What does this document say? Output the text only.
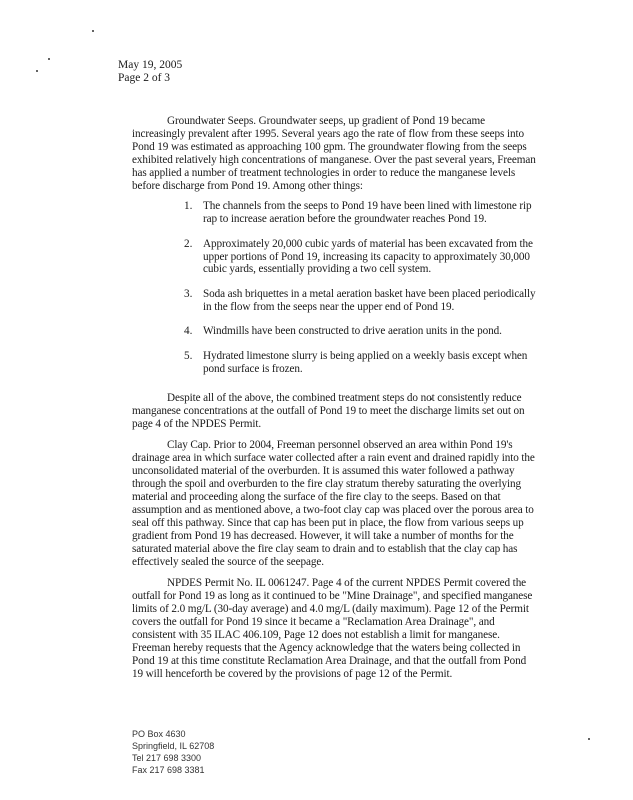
May 19, 2005
Page 2 of 3
Groundwater Seeps. Groundwater seeps, up gradient of Pond 19 became
increasingly prevalent after 1995. Several years ago the rate of flow from these seeps into
Pond 19 was estimated as approaching 100 gpm. The groundwater flowing from the seeps
exhibited relatively high concentrations of manganese. Over the past several years, Freeman
has applied a number of treatment technologies in order to reduce the manganese levels
before discharge from Pond 19. Among other things:
1. The channels from the seeps to Pond 19 have been lined with limestone rip
rap to increase aeration before the groundwater reaches Pond 19.
2. Approximately 20,000 cubic yards of material has been excavated from the
upper portions of Pond 19, increasing its capacity to approximately 30,000
cubic yards, essentially providing a two cell system.
3. Soda ash briquettes in a metal aeration basket have been placed periodically
in the flow from the seeps near the upper end of Pond 19.
4. Windmills have been constructed to drive aeration units in the pond.
5. Hydrated limestone slurry is being applied on a weekly basis except when
pond surface is frozen.
Despite all of the above, the combined treatment steps do not consistently reduce
manganese concentrations at the outfall of Pond 19 to meet the discharge limits set out on
page 4 of the NPDES Permit.
Clay Cap. Prior to 2004, Freeman personnel observed an area within Pond 19's
drainage area in which surface water collected after a rain event and drained rapidly into the
unconsolidated material of the overburden. It is assumed this water followed a pathway
through the spoil and overburden to the fire clay stratum thereby saturating the overlying
material and proceeding along the surface of the fire clay to the seeps. Based on that
assumption and as mentioned above, a two-foot clay cap was placed over the porous area to
seal off this pathway. Since that cap has been put in place, the flow from various seeps up
gradient from Pond 19 has decreased. However, it will take a number of months for the
saturated material above the fire clay seam to drain and to establish that the clay cap has
effectively sealed the source of the seepage.
NPDES Permit No. IL 0061247. Page 4 of the current NPDES Permit covered the
outfall for Pond 19 as long as it continued to be "Mine Drainage", and specified manganese
limits of 2.0 mg/L (30-day average) and 4.0 mg/L (daily maximum). Page 12 of the Permit
covers the outfall for Pond 19 since it became a "Reclamation Area Drainage", and
consistent with 35 ILAC 406.109, Page 12 does not establish a limit for manganese.
Freeman hereby requests that the Agency acknowledge that the waters being collected in
Pond 19 at this time constitute Reclamation Area Drainage, and that the outfall from Pond
19 will henceforth be covered by the provisions of page 12 of the Permit.
PO Box 4630
Springfield, IL 62708
Tel 217 698 3300
Fax 217 698 3381
